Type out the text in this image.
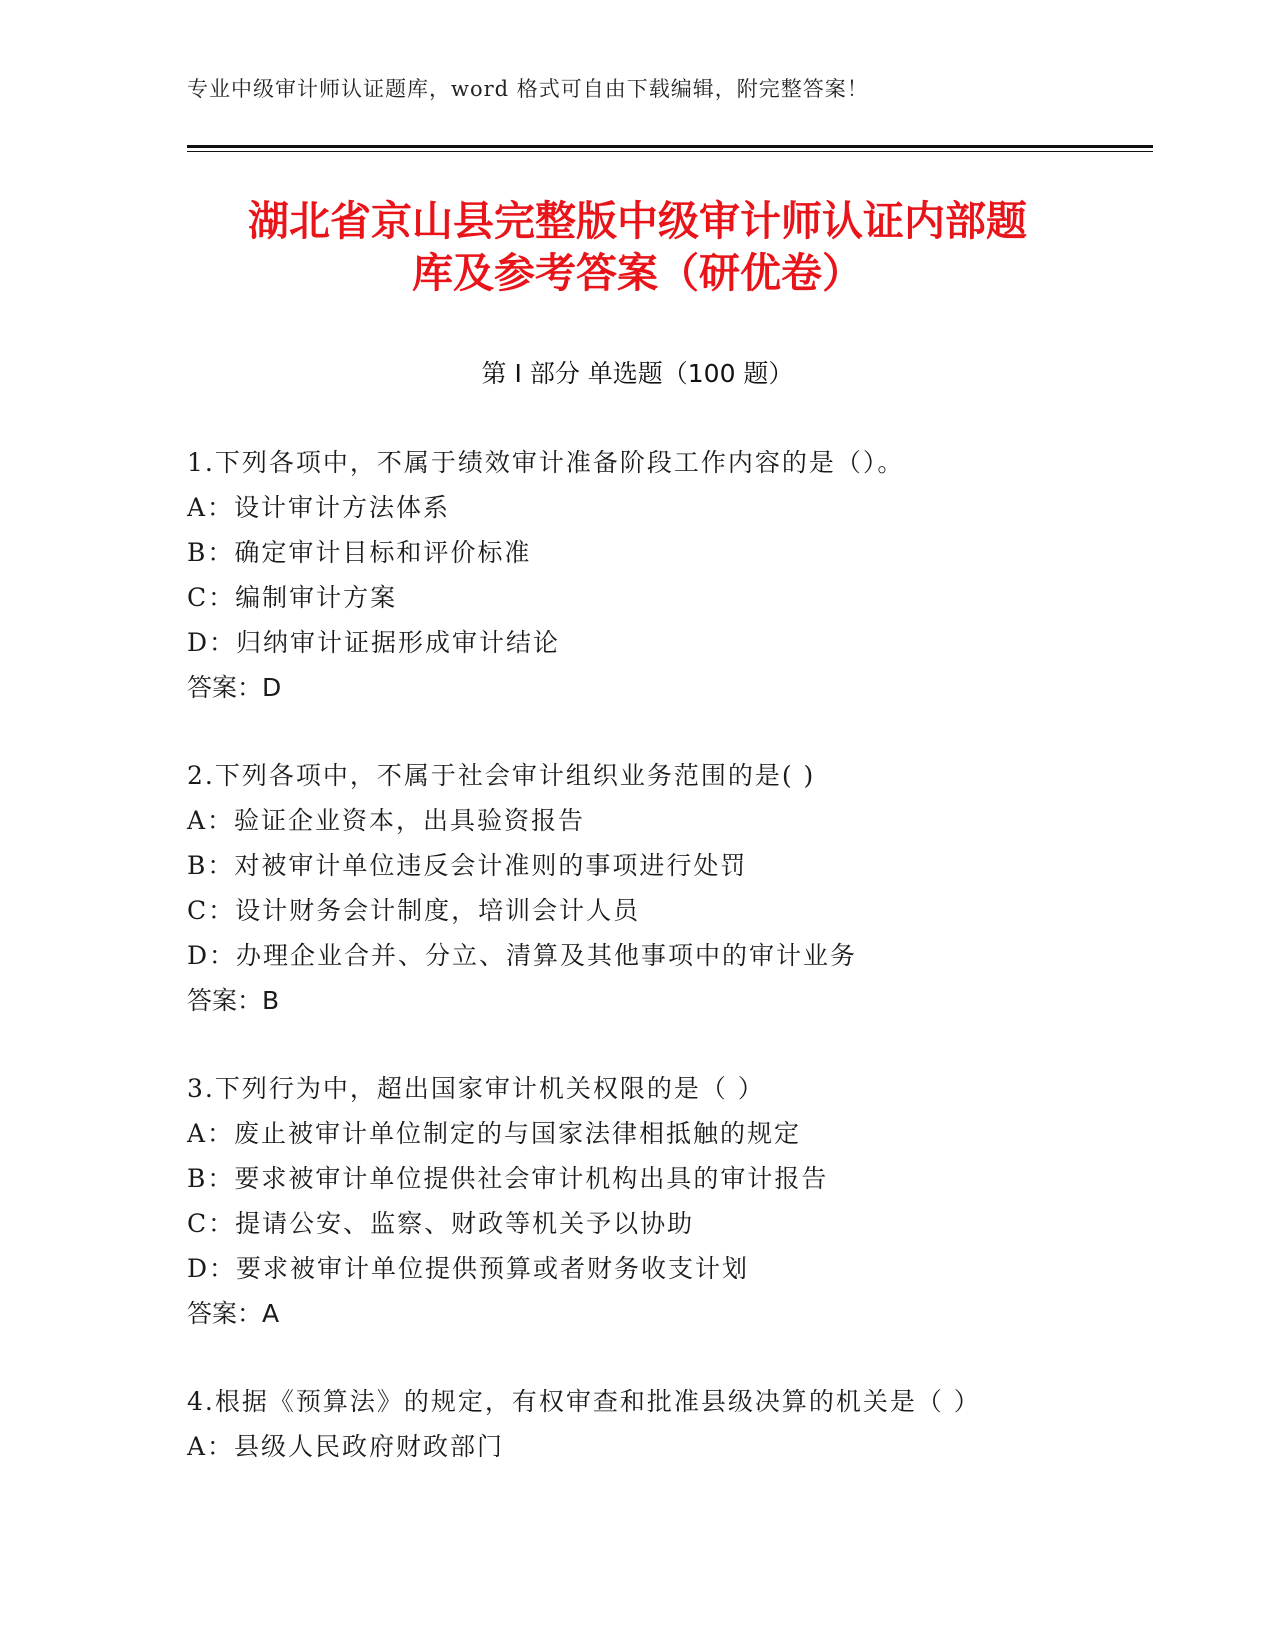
专业中级审计师认证题库，word 格式可自由下载编辑，附完整答案！
湖北省京山县完整版中级审计师认证内部题
库及参考答案（研优卷）
第 I 部分 单选题（100 题）
1.下列各项中，不属于绩效审计准备阶段工作内容的是（）。
A：设计审计方法体系
B：确定审计目标和评价标准
C：编制审计方案
D：归纳审计证据形成审计结论
答案：D
2.下列各项中，不属于社会审计组织业务范围的是( )
A：验证企业资本，出具验资报告
B：对被审计单位违反会计准则的事项进行处罚
C：设计财务会计制度，培训会计人员
D：办理企业合并、分立、清算及其他事项中的审计业务
答案：B
3.下列行为中，超出国家审计机关权限的是（ ）
A：废止被审计单位制定的与国家法律相抵触的规定
B：要求被审计单位提供社会审计机构出具的审计报告
C：提请公安、监察、财政等机关予以协助
D：要求被审计单位提供预算或者财务收支计划
答案：A
4.根据《预算法》的规定，有权审查和批准县级决算的机关是（ ）
A：县级人民政府财政部门
